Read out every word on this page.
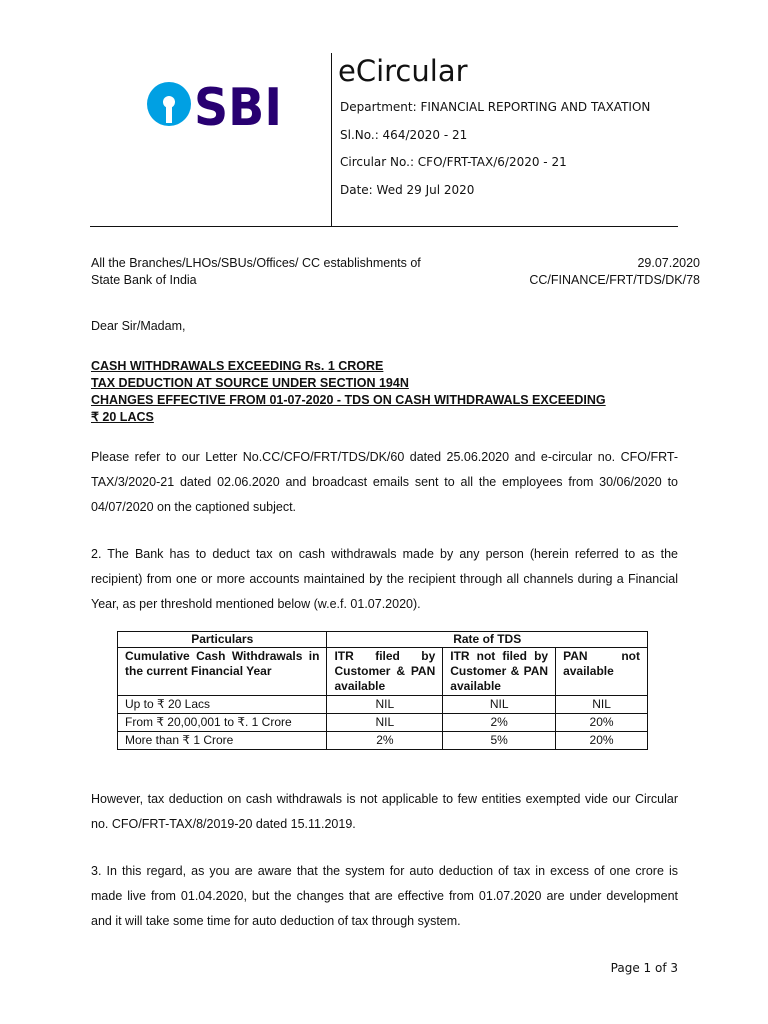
SBI
eCircular
Department: FINANCIAL REPORTING AND TAXATION
Sl.No.: 464/2020 - 21
Circular No.: CFO/FRT-TAX/6/2020 - 21
Date: Wed 29 Jul 2020
All the Branches/LHOs/SBUs/Offices/ CC establishments of
State Bank of India
29.07.2020
CC/FINANCE/FRT/TDS/DK/78
Dear Sir/Madam,
CASH WITHDRAWALS EXCEEDING Rs. 1 CRORE
TAX DEDUCTION AT SOURCE UNDER SECTION 194N
CHANGES EFFECTIVE FROM 01-07-2020 - TDS ON CASH WITHDRAWALS EXCEEDING
₹ 20 LACS
Please refer to our Letter No.CC/CFO/FRT/TDS/DK/60 dated 25.06.2020 and e-circular no. CFO/FRT-TAX/3/2020-21 dated 02.06.2020 and broadcast emails sent to all the employees from 30/06/2020 to 04/07/2020 on the captioned subject.
2. The Bank has to deduct tax on cash withdrawals made by any person (herein referred to as the recipient) from one or more accounts maintained by the recipient through all channels during a Financial Year, as per threshold mentioned below (w.e.f. 01.07.2020).
Particulars	Rate of TDS		
Cumulative Cash Withdrawals in the current Financial Year	ITR filed by Customer & PAN available	ITR not filed by Customer & PAN available	PAN not available
Up to ₹ 20 Lacs	NIL	NIL	NIL
From ₹ 20,00,001 to ₹. 1 Crore	NIL	2%	20%
More than ₹ 1 Crore	2%	5%	20%
However, tax deduction on cash withdrawals is not applicable to few entities exempted vide our Circular no. CFO/FRT-TAX/8/2019-20 dated 15.11.2019.
3. In this regard, as you are aware that the system for auto deduction of tax in excess of one crore is made live from 01.04.2020, but the changes that are effective from 01.07.2020 are under development and it will take some time for auto deduction of tax through system.
Page 1 of 3
